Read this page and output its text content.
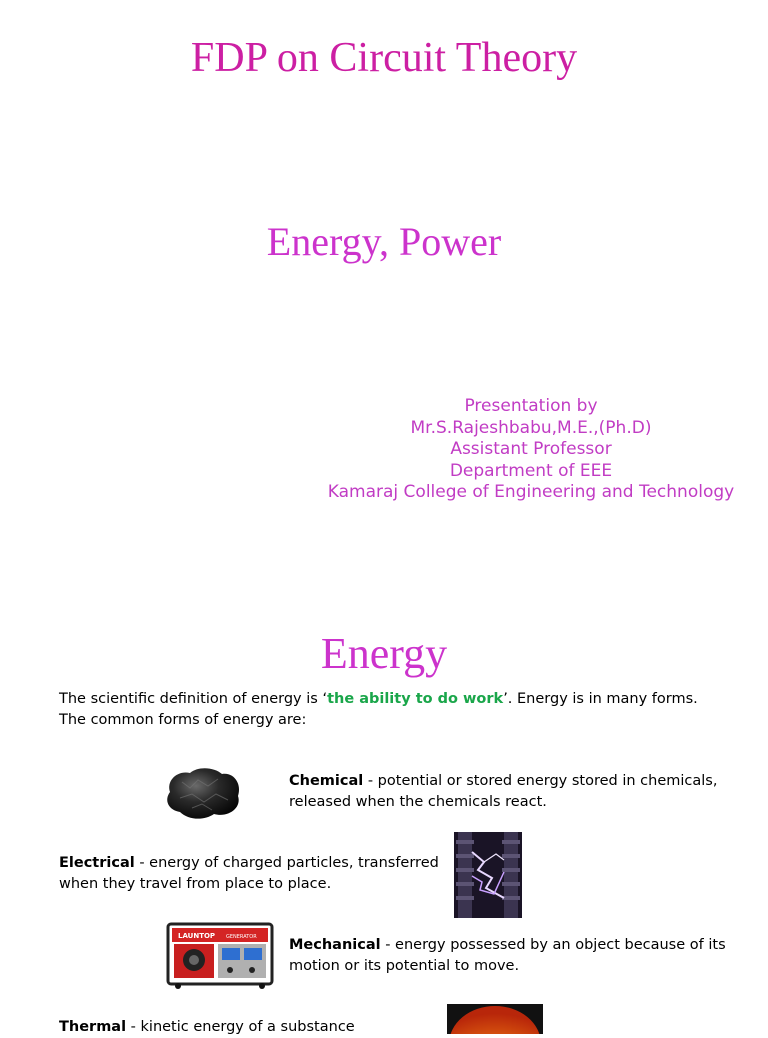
FDP on Circuit Theory
Energy, Power
Presentation by
Mr.S.Rajeshbabu,M.E.,(Ph.D)
Assistant Professor
Department of EEE
Kamaraj College of Engineering and Technology
Energy
The scientific definition of energy is ‘the ability to do work’. Energy is in many forms. The common forms of energy are:
Chemical - potential or stored energy stored in chemicals, released when the chemicals react.
Electrical - energy of charged particles, transferred when they travel from place to place.
LAUNTOP GENERATOR Mechanical - energy possessed by an object because of its motion or its potential to move.
Thermal - kinetic energy of a substance
